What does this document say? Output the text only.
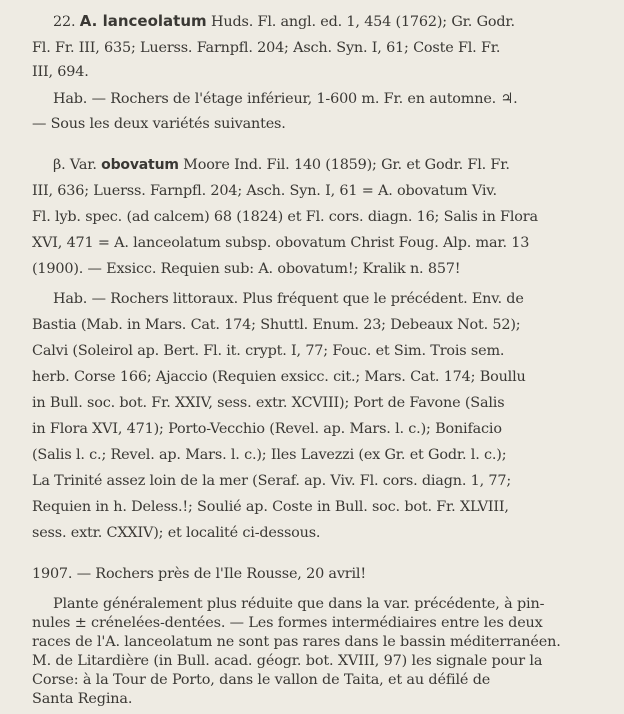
22. A. lanceolatum Huds. Fl. angl. ed. 1, 454 (1762); Gr. Godr.
Fl. Fr. III, 635; Luerss. Farnpfl. 204; Asch. Syn. I, 61; Coste Fl. Fr.
III, 694.
Hab. — Rochers de l'étage inférieur, 1-600 m. Fr. en automne. ♃.
— Sous les deux variétés suivantes.
β. Var. obovatum Moore Ind. Fil. 140 (1859); Gr. et Godr. Fl. Fr.
III, 636; Luerss. Farnpfl. 204; Asch. Syn. I, 61 = A. obovatum Viv.
Fl. lyb. spec. (ad calcem) 68 (1824) et Fl. cors. diagn. 16; Salis in Flora
XVI, 471 = A. lanceolatum subsp. obovatum Christ Foug. Alp. mar. 13
(1900). — Exsicc. Requien sub: A. obovatum!; Kralik n. 857!
Hab. — Rochers littoraux. Plus fréquent que le précédent. Env. de
Bastia (Mab. in Mars. Cat. 174; Shuttl. Enum. 23; Debeaux Not. 52);
Calvi (Soleirol ap. Bert. Fl. it. crypt. I, 77; Fouc. et Sim. Trois sem.
herb. Corse 166; Ajaccio (Requien exsicc. cit.; Mars. Cat. 174; Boullu
in Bull. soc. bot. Fr. XXIV, sess. extr. XCVIII); Port de Favone (Salis
in Flora XVI, 471); Porto-Vecchio (Revel. ap. Mars. l. c.); Bonifacio
(Salis l. c.; Revel. ap. Mars. l. c.); Iles Lavezzi (ex Gr. et Godr. l. c.);
La Trinité assez loin de la mer (Seraf. ap. Viv. Fl. cors. diagn. 1, 77;
Requien in h. Deless.!; Soulié ap. Coste in Bull. soc. bot. Fr. XLVIII,
sess. extr. CXXIV); et localité ci-dessous.
1907. — Rochers près de l'Ile Rousse, 20 avril!
Plante généralement plus réduite que dans la var. précédente, à pin-
nules ± crénelées-dentées. — Les formes intermédiaires entre les deux
races de l'A. lanceolatum ne sont pas rares dans le bassin méditerranéen.
M. de Litardière (in Bull. acad. géogr. bot. XVIII, 97) les signale pour la
Corse: à la Tour de Porto, dans le vallon de Taita, et au défilé de
Santa Regina.
